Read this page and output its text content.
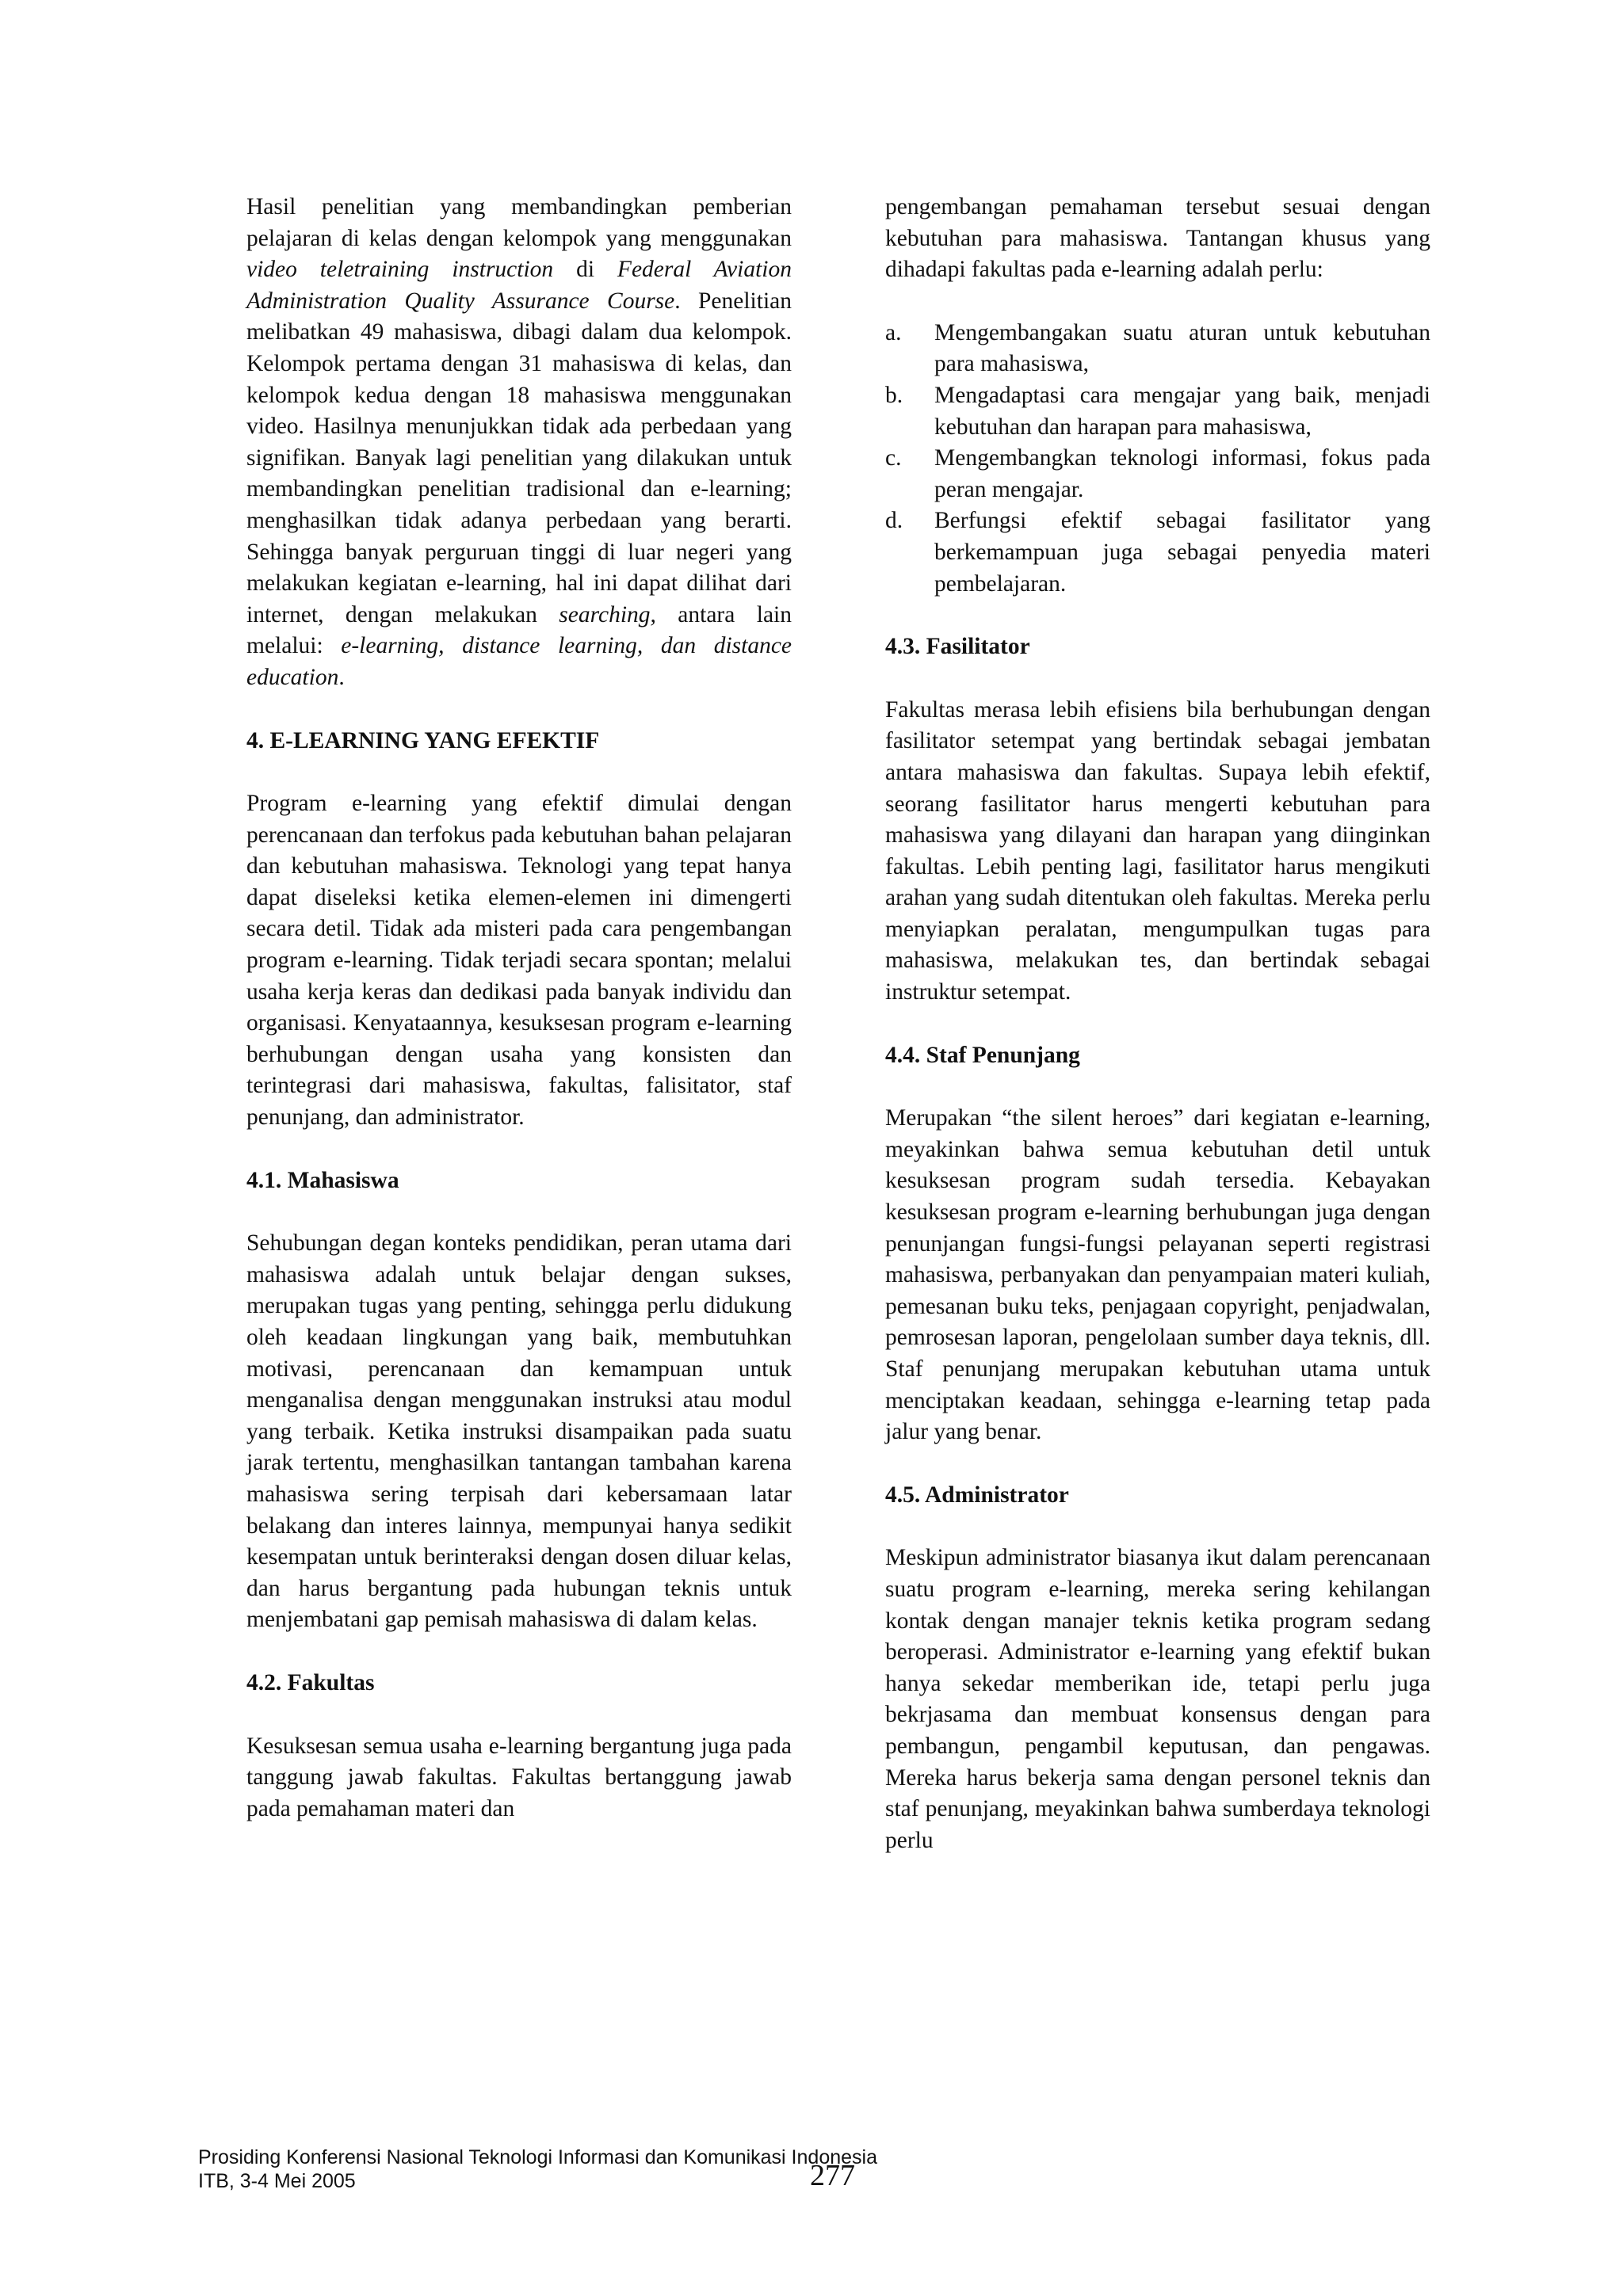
Hasil penelitian yang membandingkan pemberian pelajaran di kelas dengan kelompok yang menggunakan video teletraining instruction di Federal Aviation Administration Quality Assurance Course. Penelitian melibatkan 49 mahasiswa, dibagi dalam dua kelompok. Kelompok pertama dengan 31 mahasiswa di kelas, dan kelompok kedua dengan 18 mahasiswa menggunakan video. Hasilnya menunjukkan tidak ada perbedaan yang signifikan. Banyak lagi penelitian yang dilakukan untuk membandingkan penelitian tradisional dan e-learning; menghasilkan tidak adanya perbedaan yang berarti. Sehingga banyak perguruan tinggi di luar negeri yang melakukan kegiatan e-learning, hal ini dapat dilihat dari internet, dengan melakukan searching, antara lain melalui: e-learning, distance learning, dan distance education.

4. E-LEARNING YANG EFEKTIF

Program e-learning yang efektif dimulai dengan perencanaan dan terfokus pada kebutuhan bahan pelajaran dan kebutuhan mahasiswa. Teknologi yang tepat hanya dapat diseleksi ketika elemen-elemen ini dimengerti secara detil. Tidak ada misteri pada cara pengembangan program e-learning. Tidak terjadi secara spontan; melalui usaha kerja keras dan dedikasi pada banyak individu dan organisasi. Kenyataannya, kesuksesan program e-learning berhubungan dengan usaha yang konsisten dan terintegrasi dari mahasiswa, fakultas, falisitator, staf penunjang, dan administrator.

4.1. Mahasiswa

Sehubungan degan konteks pendidikan, peran utama dari mahasiswa adalah untuk belajar dengan sukses, merupakan tugas yang penting, sehingga perlu didukung oleh keadaan lingkungan yang baik, membutuhkan motivasi, perencanaan dan kemampuan untuk menganalisa dengan menggunakan instruksi atau modul yang terbaik. Ketika instruksi disampaikan pada suatu jarak tertentu, menghasilkan tantangan tambahan karena mahasiswa sering terpisah dari kebersamaan latar belakang dan interes lainnya, mempunyai hanya sedikit kesempatan untuk berinteraksi dengan dosen diluar kelas, dan harus bergantung pada hubungan teknis untuk menjembatani gap pemisah mahasiswa di dalam kelas.

4.2. Fakultas

Kesuksesan semua usaha e-learning bergantung juga pada tanggung jawab fakultas. Fakultas bertanggung jawab pada pemahaman materi dan

pengembangan pemahaman tersebut sesuai dengan kebutuhan para mahasiswa. Tantangan khusus yang dihadapi fakultas pada e-learning adalah perlu:

a.	Mengembangakan suatu aturan untuk kebutuhan para mahasiswa,
b.	Mengadaptasi cara mengajar yang baik, menjadi kebutuhan dan harapan para mahasiswa,
c.	Mengembangkan teknologi informasi, fokus pada peran mengajar.
d.	Berfungsi efektif sebagai fasilitator yang berkemampuan juga sebagai penyedia materi pembelajaran.
4.3. Fasilitator

Fakultas merasa lebih efisiens bila berhubungan dengan fasilitator setempat yang bertindak sebagai jembatan antara mahasiswa dan fakultas. Supaya lebih efektif, seorang fasilitator harus mengerti kebutuhan para mahasiswa yang dilayani dan harapan yang diinginkan fakultas. Lebih penting lagi, fasilitator harus mengikuti arahan yang sudah ditentukan oleh fakultas. Mereka perlu menyiapkan peralatan, mengumpulkan tugas para mahasiswa, melakukan tes, dan bertindak sebagai instruktur setempat.

4.4. Staf Penunjang

Merupakan “the silent heroes” dari kegiatan e-learning, meyakinkan bahwa semua kebutuhan detil untuk kesuksesan program sudah tersedia. Kebayakan kesuksesan program e-learning berhubungan juga dengan penunjangan fungsi-fungsi pelayanan seperti registrasi mahasiswa, perbanyakan dan penyampaian materi kuliah, pemesanan buku teks, penjagaan copyright, penjadwalan, pemrosesan laporan, pengelolaan sumber daya teknis, dll. Staf penunjang merupakan kebutuhan utama untuk menciptakan keadaan, sehingga e-learning tetap pada jalur yang benar.

4.5. Administrator

Meskipun administrator biasanya ikut dalam perencanaan suatu program e-learning, mereka sering kehilangan kontak dengan manajer teknis ketika program sedang beroperasi. Administrator e-learning yang efektif bukan hanya sekedar memberikan ide, tetapi perlu juga bekrjasama dan membuat konsensus dengan para pembangun, pengambil keputusan, dan pengawas. Mereka harus bekerja sama dengan personel teknis dan staf penunjang, meyakinkan bahwa sumberdaya teknologi perlu

Prosiding Konferensi Nasional Teknologi Informasi dan Komunikasi Indonesia
ITB, 3-4 Mei 2005	277
